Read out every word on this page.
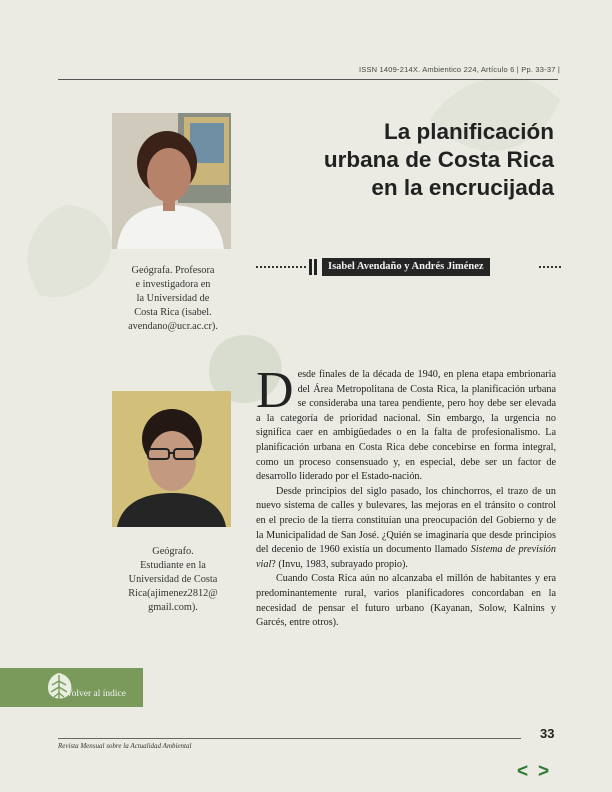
ISSN 1409-214X. Ambientico 224, Artículo 6 | Pp. 33-37 |
La planificación
urbana de Costa Rica
en la encrucijada
Geógrafa. Profesora
e investigadora en
la Universidad de
Costa Rica (isabel.
avendano@ucr.ac.cr).
Geógrafo.
Estudiante en la
Universidad de Costa
Rica(ajimenez2812@
gmail.com).
Isabel Avendaño y Andrés Jiménez

Desde finales de la década de 1940, en plena etapa embrionaria del Área Metropolitana de Costa Rica, la planificación urbana se consideraba una tarea pendiente, pero hoy debe ser elevada a la categoría de prioridad nacional. Sin embargo, la urgencia no significa caer en ambigüedades o en la falta de profesionalismo. La planificación urbana en Costa Rica debe concebirse en forma integral, como un proceso consensuado y, en especial, debe ser un factor de desarrollo liderado por el Estado-nación.

Desde principios del siglo pasado, los chinchorros, el trazo de un nuevo sistema de calles y bulevares, las mejoras en el tránsito o control en el precio de la tierra constituían una preocupación del Gobierno y de la Municipalidad de San José. ¿Quién se imaginaría que desde principios del decenio de 1960 existía un documento llamado Sistema de previsión vial? (Invu, 1983, subrayado propio).

Cuando Costa Rica aún no alcanzaba el millón de habitantes y era predominantemente rural, varios planificadores concordaban en la necesidad de pensar el futuro urbano (Kayanan, Solow, Kalnins y Garcés, entre otros).

Volver al índice
33
Revista Mensual sobre la Actualidad Ambiental
< >
